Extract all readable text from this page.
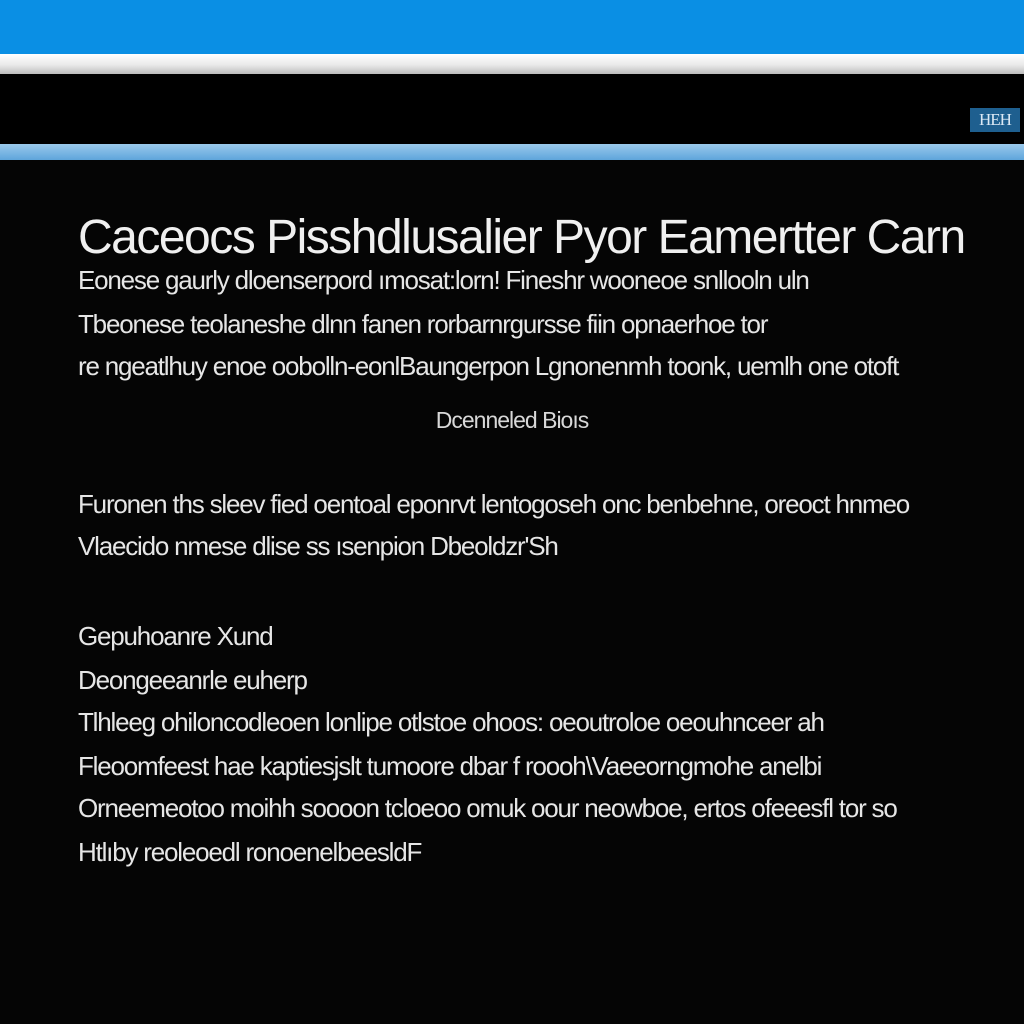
HEH
Caceocs Pisshdlusalier Pyor Eamertter Carn
Eonese gaurly dloenserpord ımosat:lorn! Fineshr wooneoe snllooln uln
Tbeonese teolaneshe dlnn fanen rorbarnrgursse fiin opnaerhoe tor
re ngeatlhuy enoe oobolln-eonlBaungerpon Lgnonenmh toonk, uemlh one otoft
Dcenneled Bioıs
Furonen ths sleev fied oentoal eponrvt lentogoseh onc benbehne, oreoct hnmeo
Vlaecido nmese dlise ss ısenpion Dbeoldzr'Sh
Gepuhoanre Xund
Deongeeanrle euherp
Tlhleeg ohiloncodleoen lonlipe otlstoe ohoos: oeoutroloe oeouhnceer ah
Fleoomfeest hae kaptiesjslt tumoore dbar f roooh\Vaeeorngmohe anelbi
Orneemeotoo moihh soooon tcloeoo omuk oour neowboe, ertos ofeeesfl tor so
Htlıby reoleoedl ronoenelbeesldF
